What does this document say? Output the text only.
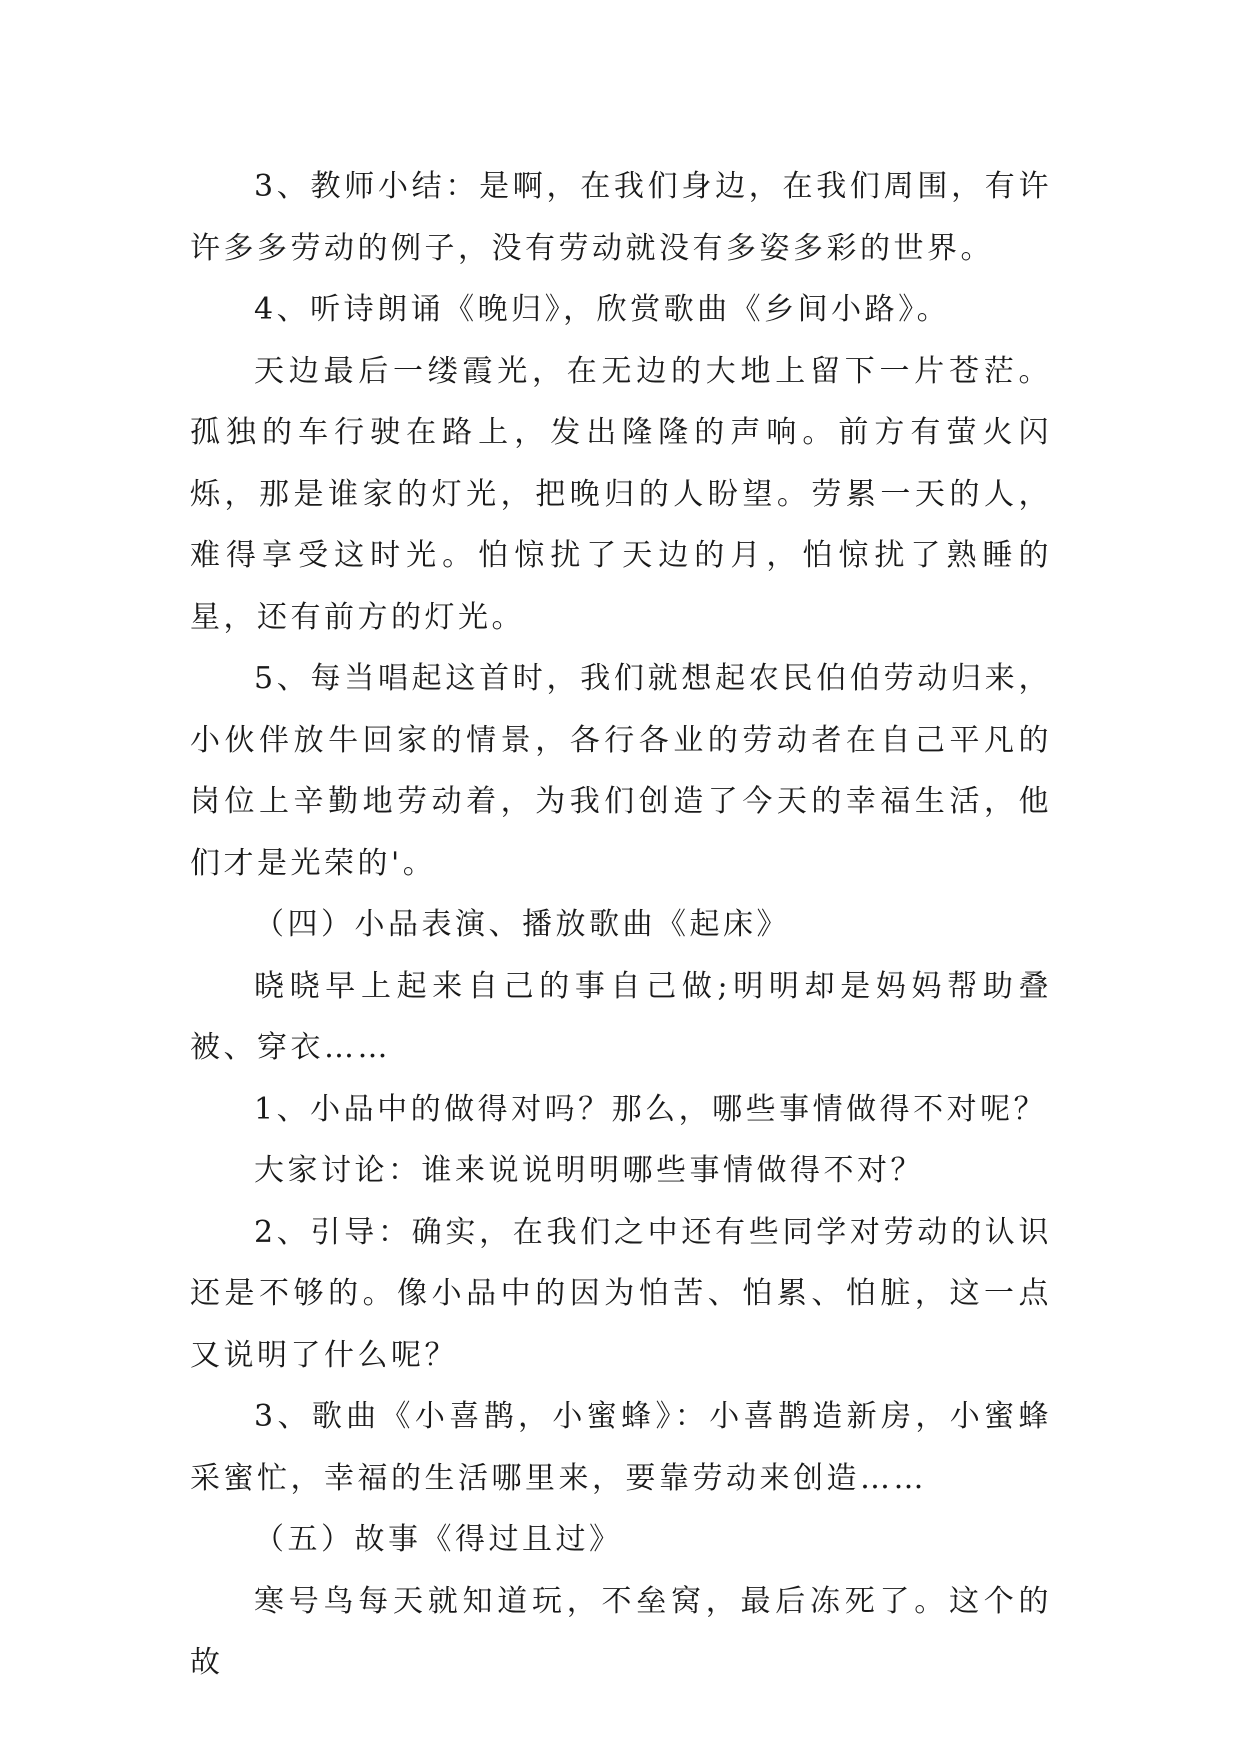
3、教师小结：是啊，在我们身边，在我们周围，有许许多多劳动的例子，没有劳动就没有多姿多彩的世界。

4、听诗朗诵《晚归》，欣赏歌曲《乡间小路》。

天边最后一缕霞光，在无边的大地上留下一片苍茫。孤独的车行驶在路上，发出隆隆的声响。前方有萤火闪烁，那是谁家的灯光，把晚归的人盼望。劳累一天的人，难得享受这时光。怕惊扰了天边的月，怕惊扰了熟睡的星，还有前方的灯光。

5、每当唱起这首时，我们就想起农民伯伯劳动归来，小伙伴放牛回家的情景，各行各业的劳动者在自己平凡的岗位上辛勤地劳动着，为我们创造了今天的幸福生活，他们才是光荣的'。

（四）小品表演、播放歌曲《起床》

晓晓早上起来自己的事自己做;明明却是妈妈帮助叠被、穿衣……

1、小品中的做得对吗？那么，哪些事情做得不对呢？

大家讨论：谁来说说明明哪些事情做得不对？

2、引导：确实，在我们之中还有些同学对劳动的认识还是不够的。像小品中的因为怕苦、怕累、怕脏，这一点又说明了什么呢？

3、歌曲《小喜鹊，小蜜蜂》：小喜鹊造新房，小蜜蜂采蜜忙，幸福的生活哪里来，要靠劳动来创造……

（五）故事《得过且过》

寒号鸟每天就知道玩，不垒窝，最后冻死了。这个的故
